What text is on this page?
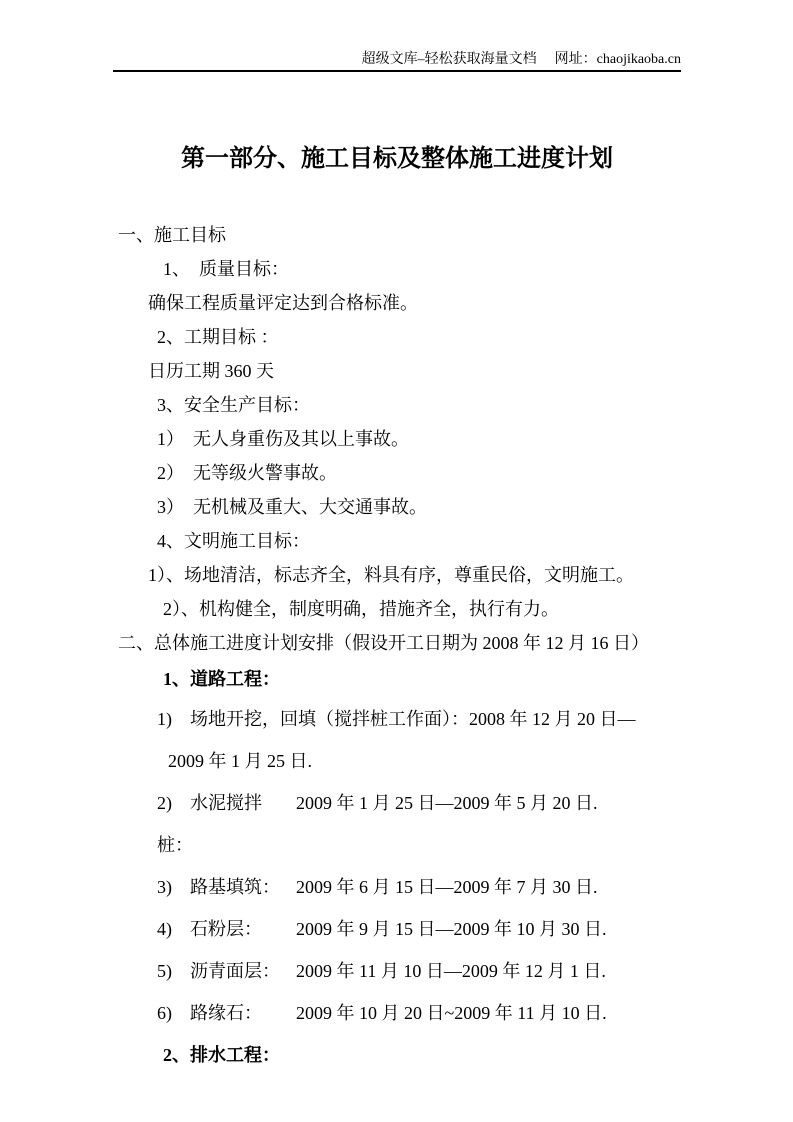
超级文库–轻松获取海量文档 网址：chaojikaoba.cn
第一部分、施工目标及整体施工进度计划

一、施工目标

1、　质量目标：

确保工程质量评定达到合格标准。

2、工期目标 ：

日历工期 360 天

3、安全生产目标：

1）　无人身重伤及其以上事故。

2）　无等级火警事故。

3）　无机械及重大、大交通事故。

4、文明施工目标：

1）、场地清洁，标志齐全，料具有序，尊重民俗，文明施工。

2）、机构健全，制度明确，措施齐全，执行有力。

二、总体施工进度计划安排（假设开工日期为 2008 年 12 月 16 日）

1、道路工程：

1)　场地开挖，回填（搅拌桩工作面）：2008 年 12 月 20 日—

2009 年 1 月 25 日.

2)　水泥搅拌桩：2009 年 1 月 25 日—2009 年 5 月 20 日.

3)　路基填筑： 2009 年 6 月 15 日—2009 年 7 月 30 日.

4)　石粉层： 2009 年 9 月 15 日—2009 年 10 月 30 日.

5)　沥青面层： 2009 年 11 月 10 日—2009 年 12 月 1 日.

6)　路缘石： 2009 年 10 月 20 日~2009 年 11 月 10 日.

2、排水工程：
